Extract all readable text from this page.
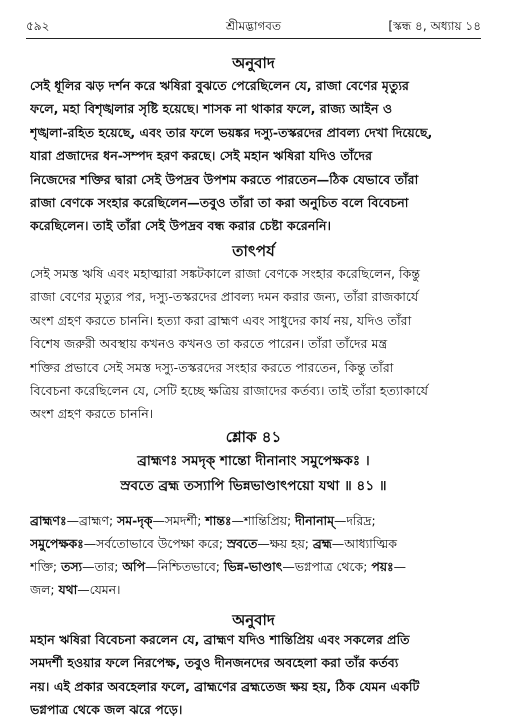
৫৯২	শ্রীমদ্ভাগবত	[স্কন্ধ ৪, অধ্যায় ১৪
অনুবাদ
সেই ধূলির ঝড় দর্শন করে ঋষিরা বুঝতে পেরেছিলেন যে, রাজা বেণের মৃত্যুর
ফলে, মহা বিশৃঙ্খলার সৃষ্টি হয়েছে। শাসক না থাকার ফলে, রাজ্য আইন ও
শৃঙ্খলা-রহিত হয়েছে, এবং তার ফলে ভয়ঙ্কর দস্যু-তস্করদের প্রাবল্য দেখা দিয়েছে,
যারা প্রজাদের ধন-সম্পদ হরণ করছে। সেই মহান ঋষিরা যদিও তাঁদের
নিজেদের শক্তির দ্বারা সেই উপদ্রব উপশম করতে পারতেন—ঠিক যেভাবে তাঁরা
রাজা বেণকে সংহার করেছিলেন—তবুও তাঁরা তা করা অনুচিত বলে বিবেচনা
করেছিলেন। তাই তাঁরা সেই উপদ্রব বন্ধ করার চেষ্টা করেননি।
তাৎপর্য
সেই সমস্ত ঋষি এবং মহাত্মারা সঙ্কটকালে রাজা বেণকে সংহার করেছিলেন, কিন্তু
রাজা বেণের মৃত্যুর পর, দস্যু-তস্করদের প্রাবল্য দমন করার জন্য, তাঁরা রাজকার্যে
অংশ গ্রহণ করতে চাননি। হত্যা করা ব্রাহ্মণ এবং সাধুদের কার্য নয়, যদিও তাঁরা
বিশেষ জরুরী অবস্থায় কখনও কখনও তা করতে পারেন। তাঁরা তাঁদের মন্ত্র
শক্তির প্রভাবে সেই সমস্ত দস্যু-তস্করদের সংহার করতে পারতেন, কিন্তু তাঁরা
বিবেচনা করেছিলেন যে, সেটি হচ্ছে ক্ষত্রিয় রাজাদের কর্তব্য। তাই তাঁরা হত্যাকার্যে
অংশ গ্রহণ করতে চাননি।
শ্লোক ৪১
ব্রাহ্মণঃ সমদৃক্ শান্তো দীনানাং সমুপেক্ষকঃ ।
স্রবতে ব্রহ্ম তস্যাপি ভিন্নভাণ্ডাৎপয়ো যথা ॥ ৪১ ॥
ব্রাহ্মণঃ—ব্রাহ্মণ; সম-দৃক্—সমদর্শী; শান্তঃ—শান্তিপ্রিয়; দীনানাম্—দরিদ্র;
সমুপেক্ষকঃ—সর্বতোভাবে উপেক্ষা করে; স্রবতে—ক্ষয় হয়; ব্রহ্ম—আধ্যাত্মিক
শক্তি; তস্য—তার; অপি—নিশ্চিতভাবে; ভিন্ন-ভাণ্ডাৎ—ভগ্নপাত্র থেকে; পয়ঃ—
জল; যথা—যেমন।
অনুবাদ
মহান ঋষিরা বিবেচনা করলেন যে, ব্রাহ্মণ যদিও শান্তিপ্রিয় এবং সকলের প্রতি
সমদর্শী হওয়ার ফলে নিরপেক্ষ, তবুও দীনজনদের অবহেলা করা তাঁর কর্তব্য
নয়। এই প্রকার অবহেলার ফলে, ব্রাহ্মণের ব্রহ্মতেজ ক্ষয় হয়, ঠিক যেমন একটি
ভগ্নপাত্র থেকে জল ঝরে পড়ে।
